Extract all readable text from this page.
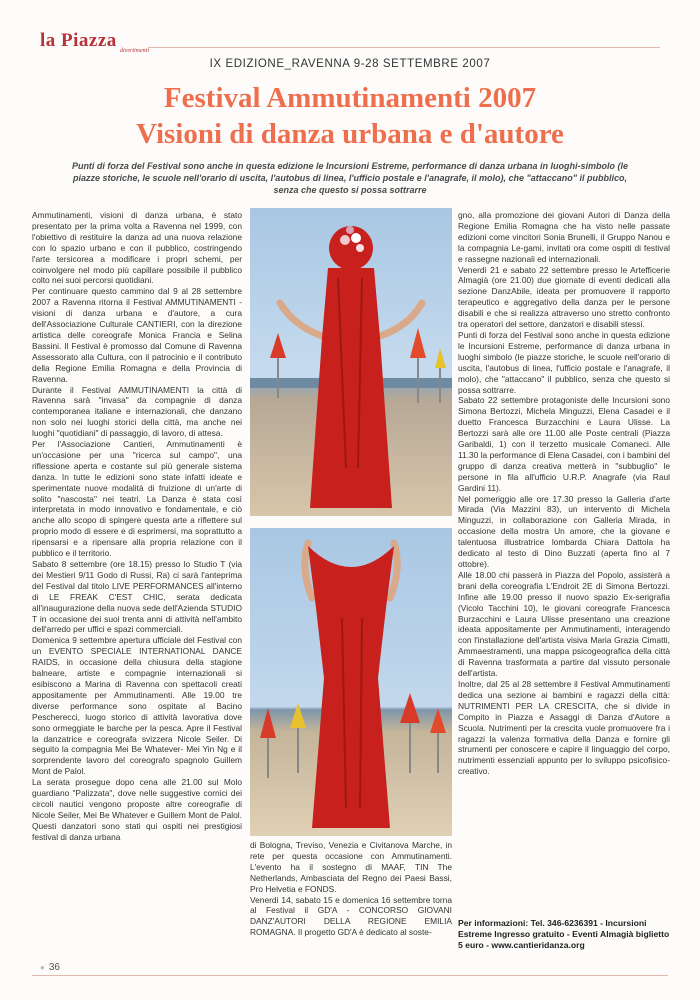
la Piazza divertimenti
IX EDIZIONE_RAVENNA 9-28 SETTEMBRE 2007
Festival Ammutinamenti 2007
Visioni di danza urbana e d'autore
Punti di forza del Festival sono anche in questa edizione le Incursioni Estreme, performance di danza urbana in luoghi-simbolo (le piazze storiche, le scuole nell'orario di uscita, l'autobus di linea, l'ufficio postale e l'anagrafe, il molo), che "attaccano" il pubblico, senza che questo si possa sottrarre

Ammutinamenti, visioni di danza urbana, è stato presentato per la prima volta a Ravenna nel 1999, con l'obiettivo di restituire la danza ad una nuova relazione con lo spazio urbano e con il pubblico, costringendo l'arte tersicorea a modificare i propri schemi, per coinvolgere nel modo più capillare possibile il pubblico colto nei suoi percorsi quotidiani.

Per continuare questo cammino dal 9 al 28 settembre 2007 a Ravenna ritorna il Festival AMMUTINAMENTI - visioni di danza urbana e d'autore, a cura dell'Associazione Culturale CANTIERI, con la direzione artistica delle coreografe Monica Francia e Selina Bassini. Il Festival è promosso dal Comune di Ravenna Assessorato alla Cultura, con il patrocinio e il contributo della Regione Emilia Romagna e della Provincia di Ravenna.

Durante il Festival AMMUTINAMENTI la città di Ravenna sarà "invasa" da compagnie di danza contemporanea italiane e internazionali, che danzano non solo nei luoghi storici della città, ma anche nei luoghi "quotidiani" di passaggio, di lavoro, di attesa.

Per l'Associazione Cantieri, Ammutinamenti è un'occasione per una "ricerca sul campo", una riflessione aperta e costante sul più generale sistema danza. In tutte le edizioni sono state infatti ideate e sperimentate nuove modalità di fruizione di un'arte di solito "nascosta" nei teatri. La Danza è stata così interpretata in modo innovativo e fondamentale, e ciò anche allo scopo di spingere questa arte a riflettere sul proprio modo di essere e di esprimersi, ma soprattutto a ripensarsi e a ripensare alla propria relazione con il pubblico e il territorio.

Sabato 8 settembre (ore 18.15) presso lo Studio T (via dei Mestieri 9/11 Godo di Russi, Ra) ci sarà l'anteprima del Festival dal titolo LIVE PERFORMANCES all'interno di LE FREAK C'EST CHIC, serata dedicata all'inaugurazione della nuova sede dell'Azienda STUDIO T in occasione dei suoi trenta anni di attività nell'ambito dell'arredo per uffici e spazi commerciali.

Domenica 9 settembre apertura ufficiale del Festival con un EVENTO SPECIALE INTERNATIONAL DANCE RAIDS, in occasione della chiusura della stagione balneare, artiste e compagnie internazionali si esibiscono a Marina di Ravenna con spettacoli creati appositamente per Ammutinamenti. Alle 19.00 tre diverse performance sono ospitate al Bacino Pescherecci, luogo storico di attività lavorativa dove sono ormeggiate le barche per la pesca. Apre il Festival la danzatrice e coreografa svizzera Nicole Seiler. Di seguito la compagnia Mei Be Whatever- Mei Yin Ng e il sorprendente lavoro del coreografo spagnolo Guillem Mont de Palol.

La serata prosegue dopo cena alle 21.00 sul Molo guardiano "Palizzata", dove nelle suggestive cornici dei circoli nautici vengono proposte altre coreografie di Nicole Seiler, Mei Be Whatever e Guillem Mont de Palol. Questi danzatori sono stati qui ospiti nei prestigiosi festival di danza urbana

di Bologna, Treviso, Venezia e Civitanova Marche, in rete per questa occasione con Ammutinamenti. L'evento ha il sostegno di MAAF, TIN The Netherlands, Ambasciata del Regno dei Paesi Bassi, Pro Helvetia e FONDS.

Venerdì 14, sabato 15 e domenica 16 settembre torna al Festival il GD'A - CONCORSO GIOVANI DANZ'AUTORI DELLA REGIONE EMILIA ROMAGNA. Il progetto GD'A è dedicato al soste-

gno, alla promozione dei giovani Autori di Danza della Regione Emilia Romagna che ha visto nelle passate edizioni come vincitori Sonia Brunelli, il Gruppo Nanou e la compagnia Le-gami, invitati ora come ospiti di festival e rassegne nazionali ed internazionali.

Venerdì 21 e sabato 22 settembre presso le Artefficerie Almagià (ore 21.00) due giornate di eventi dedicati alla sezione DanzAbile, ideata per promuovere il rapporto terapeutico e aggregativo della danza per le persone disabili e che si realizza attraverso uno stretto confronto tra operatori del settore, danzatori e disabili stessi.

Punti di forza del Festival sono anche in questa edizione le Incursioni Estreme, performance di danza urbana in luoghi simbolo (le piazze storiche, le scuole nell'orario di uscita, l'autobus di linea, l'ufficio postale e l'anagrafe, il molo), che "attaccano" il pubblico, senza che questo si possa sottrarre.

Sabato 22 settembre protagoniste delle Incursioni sono Simona Bertozzi, Michela Minguzzi, Elena Casadei e il duetto Francesca Burzacchini e Laura Ulisse. La Bertozzi sarà alle ore 11.00 alle Poste centrali (Piazza Garibaldi, 1) con il terzetto musicale Comaneci. Alle 11.30 la performance di Elena Casadei, con i bambini del gruppo di danza creativa metterà in "subbuglio" le persone in fila all'ufficio U.R.P. Anagrafe (via Raul Gardini 11).

Nel pomeriggio alle ore 17.30 presso la Galleria d'arte Mirada (Via Mazzini 83), un intervento di Michela Minguzzi, in collaborazione con Galleria Mirada, in occasione della mostra Un amore, che la giovane e talentuosa illustratrice lombarda Chiara Dattola ha dedicato al testo di Dino Buzzati (aperta fino al 7 ottobre).

Alle 18.00 chi passerà in Piazza del Popolo, assisterà a brani della coreografia L'Endroit 2E di Simona Bertozzi. Infine alle 19.00 presso il nuovo spazio Ex-serigrafia (Vicolo Tacchini 10), le giovani coreografe Francesca Burzacchini e Laura Ulisse presentano una creazione ideata appositamente per Ammutinamenti, interagendo con l'installazione dell'artista visiva Maria Grazia Cimatti, Ammaestramenti, una mappa psicogeografica della città di Ravenna trasformata a partire dal vissuto personale dell'artista.

Inoltre, dal 25 al 28 settembre il Festival Ammutinamenti dedica una sezione ai bambini e ragazzi della città: NUTRIMENTI PER LA CRESCITA, che si divide in Compito in Piazza e Assaggi di Danza d'Autore a Scuola. Nutrimenti per la crescita vuole promuovere fra i ragazzi la valenza formativa della Danza e fornire gli strumenti per conoscere e capire il linguaggio del corpo, nutrimenti essenziali appunto per lo sviluppo psicofisico-creativo.

Per informazioni: Tel. 346-6236391 - Incursioni Estreme Ingresso gratuito - Eventi Almagià biglietto 5 euro - www.cantieridanza.org
● 36
